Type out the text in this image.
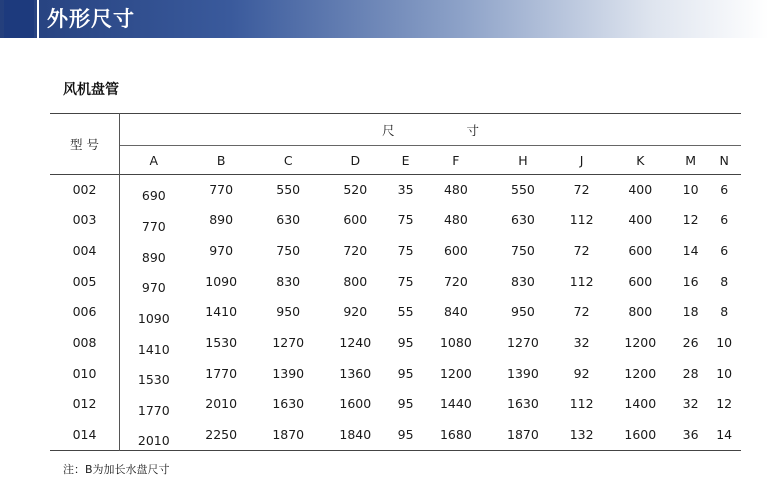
外形尺寸
风机盘管
型 号	尺 寸										
	A	B	C	D	E	F	H	J	K	M	N
002	690	770	550	520	35	480	550	72	400	10	6
003	770	890	630	600	75	480	630	112	400	12	6
004	890	970	750	720	75	600	750	72	600	14	6
005	970	1090	830	800	75	720	830	112	600	16	8
006	1090	1410	950	920	55	840	950	72	800	18	8
008	1410	1530	1270	1240	95	1080	1270	32	1200	26	10
010	1530	1770	1390	1360	95	1200	1390	92	1200	28	10
012	1770	2010	1630	1600	95	1440	1630	112	1400	32	12
014	2010	2250	1870	1840	95	1680	1870	132	1600	36	14
注：B为加长水盘尺寸
